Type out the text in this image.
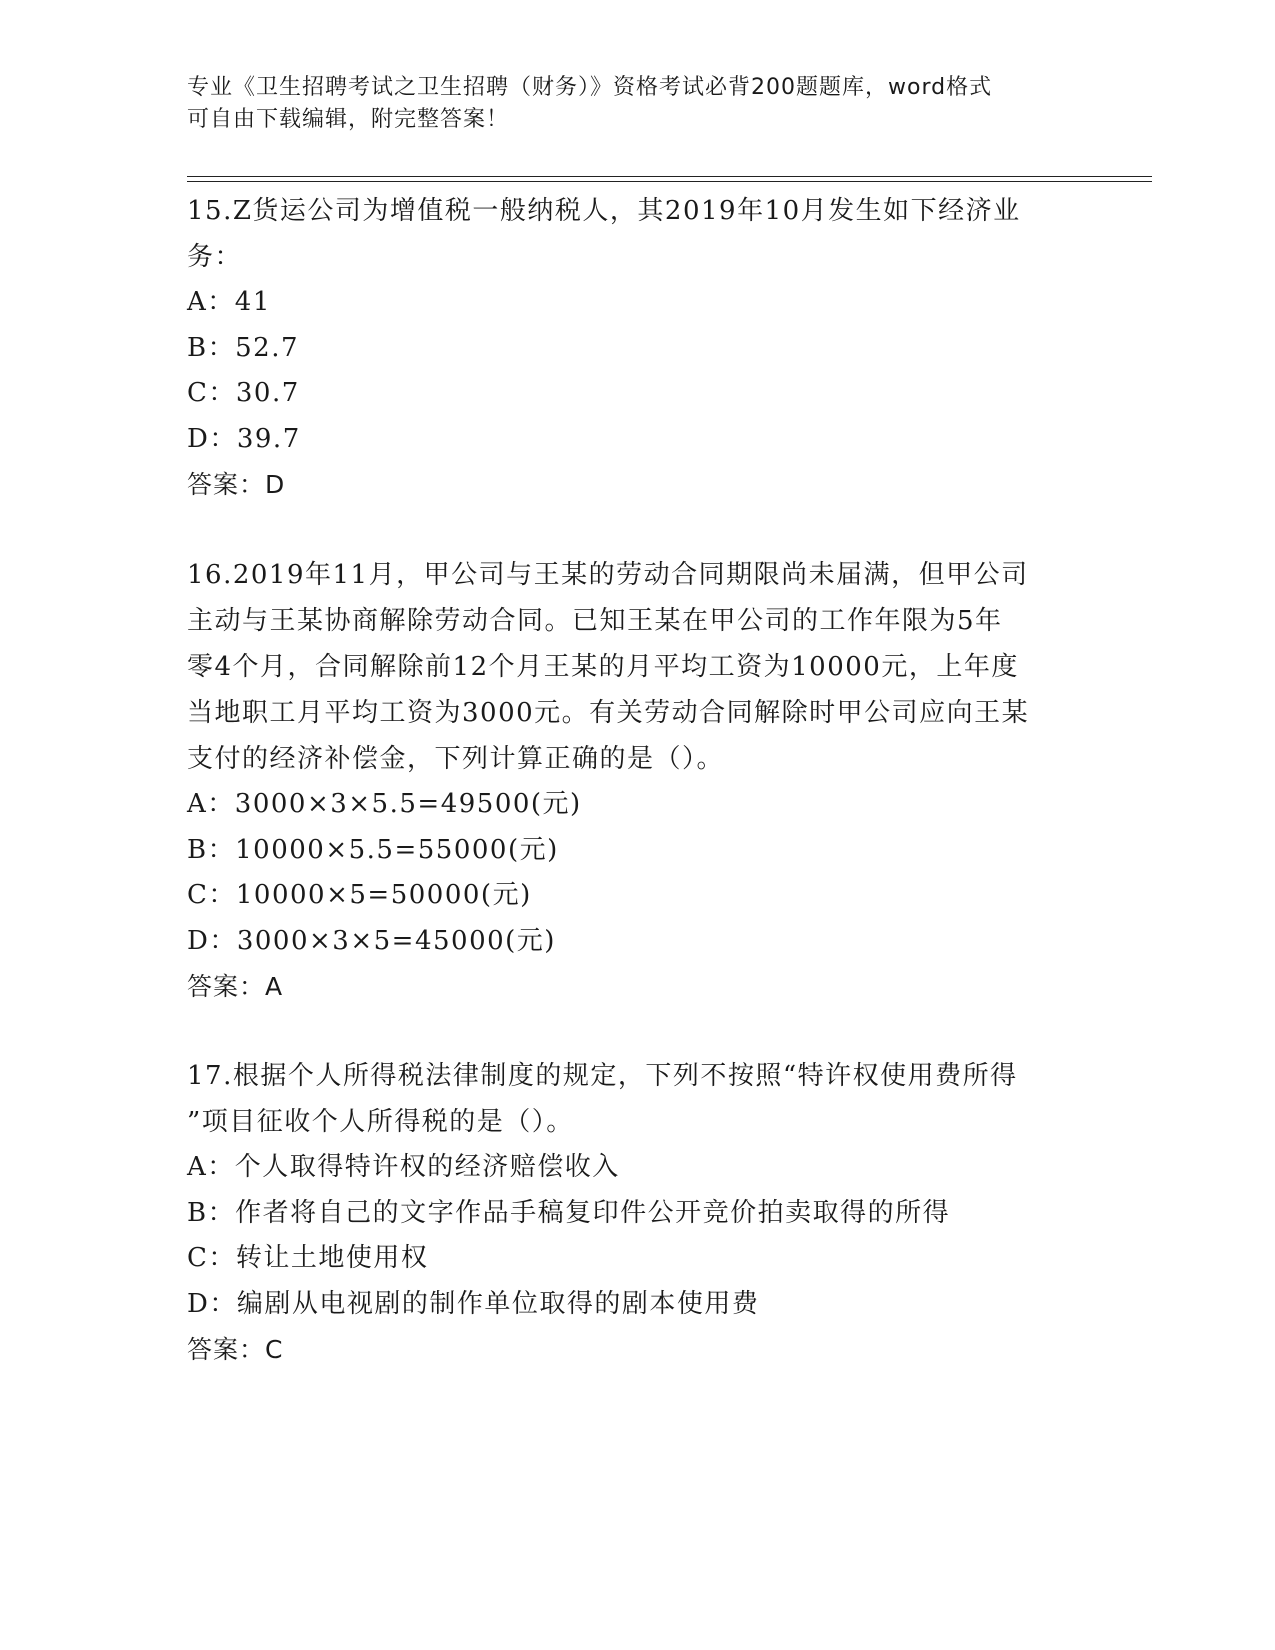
专业《卫生招聘考试之卫生招聘（财务）》资格考试必背200题题库，word格式
可自由下载编辑，附完整答案！

15.Z货运公司为增值税一般纳税人，其2019年10月发生如下经济业

务：

A：41

B：52.7

C：30.7

D：39.7

答案：D

16.2019年11月，甲公司与王某的劳动合同期限尚未届满，但甲公司

主动与王某协商解除劳动合同。已知王某在甲公司的工作年限为5年

零4个月，合同解除前12个月王某的月平均工资为10000元，上年度

当地职工月平均工资为3000元。有关劳动合同解除时甲公司应向王某

支付的经济补偿金，下列计算正确的是（）。

A：3000×3×5.5=49500(元)

B：10000×5.5=55000(元)

C：10000×5=50000(元)

D：3000×3×5=45000(元)

答案：A

17.根据个人所得税法律制度的规定，下列不按照“特许权使用费所得

”项目征收个人所得税的是（）。

A：个人取得特许权的经济赔偿收入

B：作者将自己的文字作品手稿复印件公开竞价拍卖取得的所得

C：转让土地使用权

D：编剧从电视剧的制作单位取得的剧本使用费

答案：C
